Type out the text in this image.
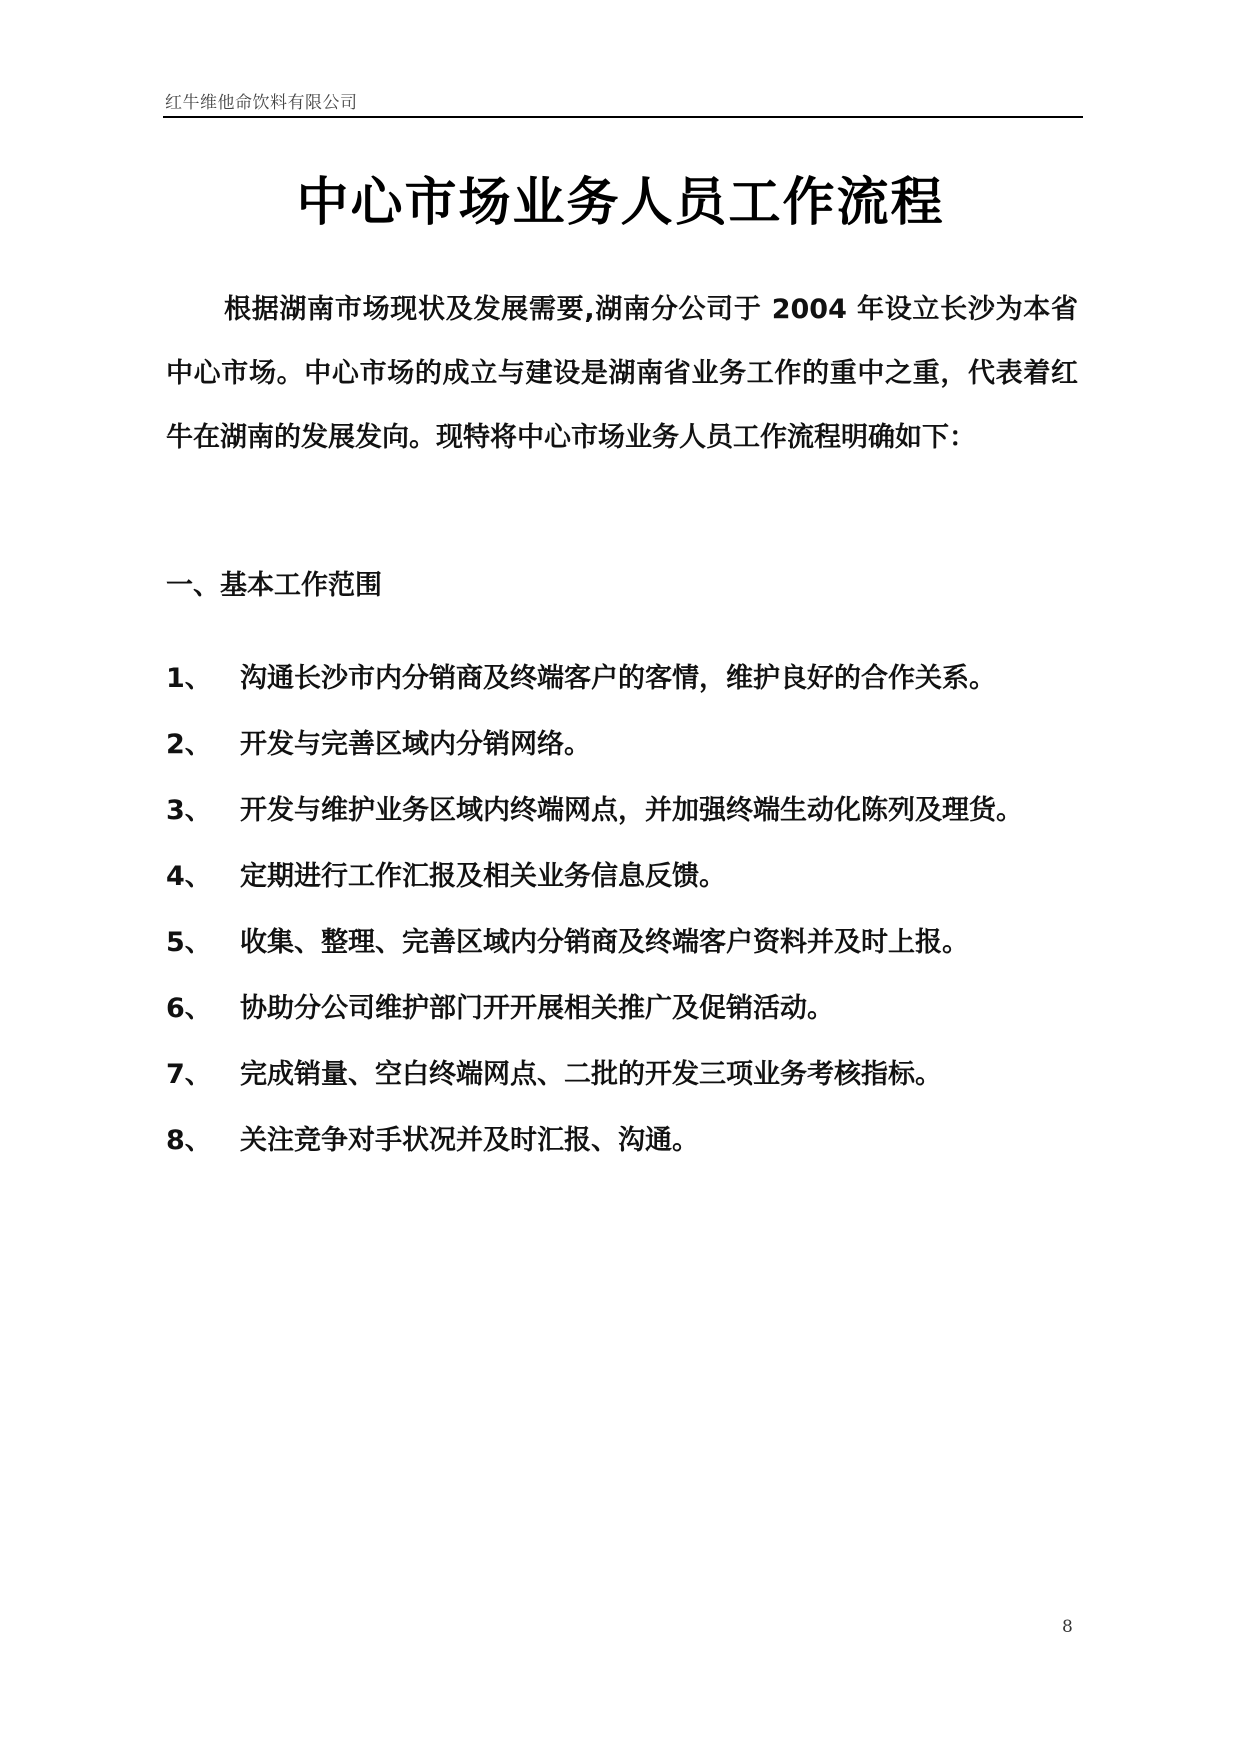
红牛维他命饮料有限公司
中心市场业务人员工作流程
根据湖南市场现状及发展需要,湖南分公司于 2004 年设立长沙为本省中心市场。中心市场的成立与建设是湖南省业务工作的重中之重，代表着红牛在湖南的发展发向。现特将中心市场业务人员工作流程明确如下：
一、基本工作范围
1、 沟通长沙市内分销商及终端客户的客情，维护良好的合作关系。
2、 开发与完善区域内分销网络。
3、 开发与维护业务区域内终端网点，并加强终端生动化陈列及理货。
4、 定期进行工作汇报及相关业务信息反馈。
5、 收集、整理、完善区域内分销商及终端客户资料并及时上报。
6、 协助分公司维护部门开开展相关推广及促销活动。
7、 完成销量、空白终端网点、二批的开发三项业务考核指标。
8、 关注竞争对手状况并及时汇报、沟通。
8
